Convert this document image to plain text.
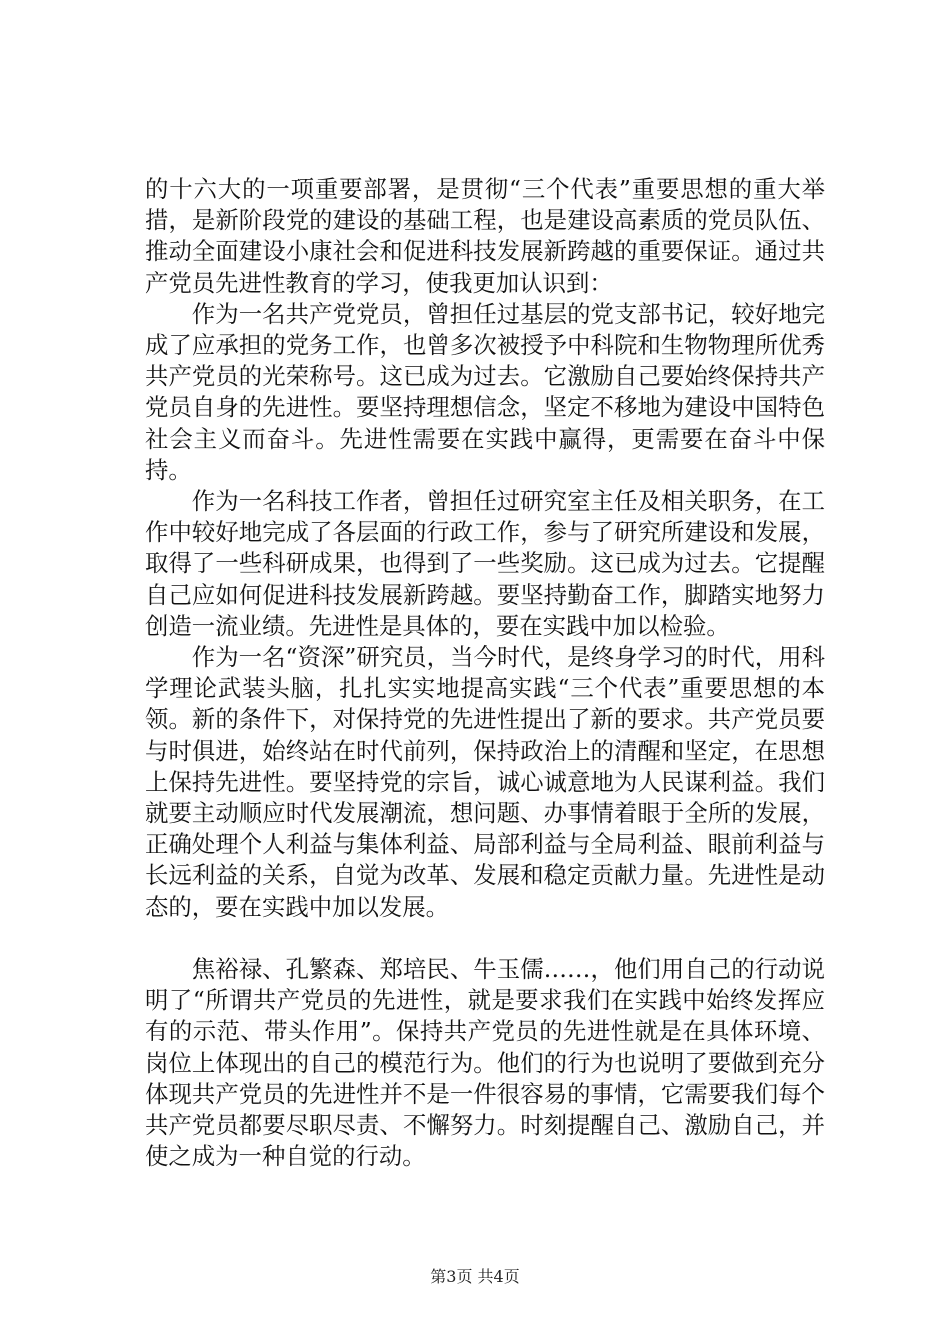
的十六大的一项重要部署，是贯彻“三个代表”重要思想的重大举措，是新阶段党的建设的基础工程，也是建设高素质的党员队伍、推动全面建设小康社会和促进科技发展新跨越的重要保证。通过共产党员先进性教育的学习，使我更加认识到：

作为一名共产党党员，曾担任过基层的党支部书记，较好地完成了应承担的党务工作，也曾多次被授予中科院和生物物理所优秀共产党员的光荣称号。这已成为过去。它激励自己要始终保持共产党员自身的先进性。要坚持理想信念，坚定不移地为建设中国特色社会主义而奋斗。先进性需要在实践中赢得，更需要在奋斗中保持。

作为一名科技工作者，曾担任过研究室主任及相关职务，在工作中较好地完成了各层面的行政工作，参与了研究所建设和发展，取得了一些科研成果，也得到了一些奖励。这已成为过去。它提醒自己应如何促进科技发展新跨越。要坚持勤奋工作，脚踏实地努力创造一流业绩。先进性是具体的，要在实践中加以检验。

作为一名“资深”研究员，当今时代，是终身学习的时代，用科学理论武装头脑，扎扎实实地提高实践“三个代表”重要思想的本领。新的条件下，对保持党的先进性提出了新的要求。共产党员要与时俱进，始终站在时代前列，保持政治上的清醒和坚定，在思想上保持先进性。要坚持党的宗旨，诚心诚意地为人民谋利益。我们就要主动顺应时代发展潮流，想问题、办事情着眼于全所的发展，正确处理个人利益与集体利益、局部利益与全局利益、眼前利益与长远利益的关系，自觉为改革、发展和稳定贡献力量。先进性是动态的，要在实践中加以发展。

焦裕禄、孔繁森、郑培民、牛玉儒……，他们用自己的行动说明了“所谓共产党员的先进性，就是要求我们在实践中始终发挥应有的示范、带头作用”。保持共产党员的先进性就是在具体环境、岗位上体现出的自己的模范行为。他们的行为也说明了要做到充分体现共产党员的先进性并不是一件很容易的事情，它需要我们每个共产党员都要尽职尽责、不懈努力。时刻提醒自己、激励自己，并使之成为一种自觉的行动。

第3页 共4页
